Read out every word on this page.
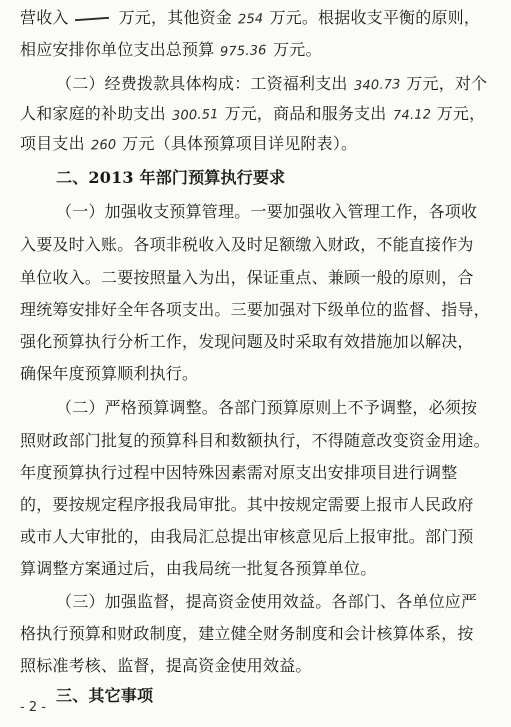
营收入	万元，其他资金 254 万元。根据收支平衡的原则，
相应安排你单位支出总预算 975.36 万元。
（二）经费拨款具体构成：工资福利支出 340.73 万元，对个
人和家庭的补助支出 300.51 万元，商品和服务支出 74.12 万元，
项目支出 260 万元（具体预算项目详见附表）。
二、2013 年部门预算执行要求
（一）加强收支预算管理。一要加强收入管理工作，各项收
入要及时入账。各项非税收入及时足额缴入财政，不能直接作为
单位收入。二要按照量入为出，保证重点、兼顾一般的原则，合
理统筹安排好全年各项支出。三要加强对下级单位的监督、指导，
强化预算执行分析工作，发现问题及时采取有效措施加以解决，
确保年度预算顺利执行。
（二）严格预算调整。各部门预算原则上不予调整，必须按
照财政部门批复的预算科目和数额执行，不得随意改变资金用途。
年度预算执行过程中因特殊因素需对原支出安排项目进行调整
的，要按规定程序报我局审批。其中按规定需要上报市人民政府
或市人大审批的，由我局汇总提出审核意见后上报审批。部门预
算调整方案通过后，由我局统一批复各预算单位。
（三）加强监督，提高资金使用效益。各部门、各单位应严
格执行预算和财政制度，建立健全财务制度和会计核算体系，按
照标准考核、监督，提高资金使用效益。
三、其它事项
- 2 -
